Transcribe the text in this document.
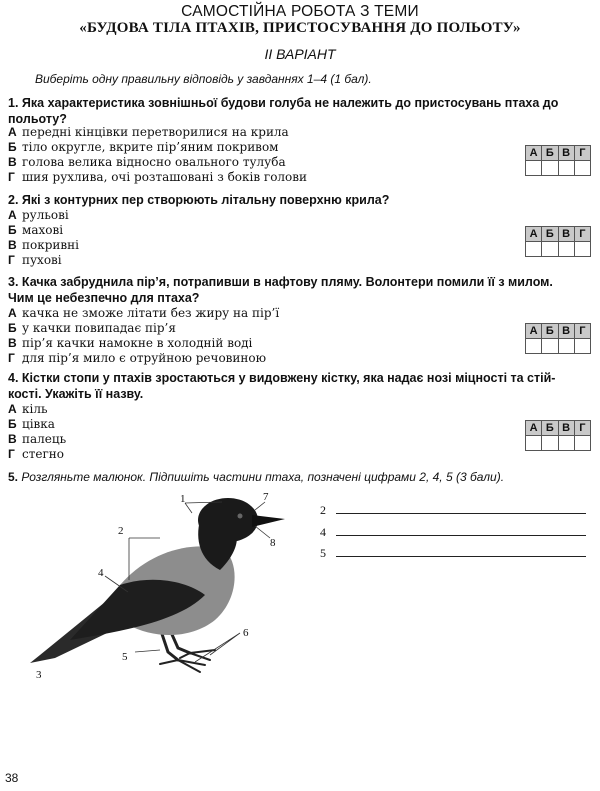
САМОСТІЙНА РОБОТА З ТЕМИ
«БУДОВА ТІЛА ПТАХІВ, ПРИСТОСУВАННЯ ДО ПОЛЬОТУ»
ІІ ВАРІАНТ
Виберіть одну правильну відповідь у завданнях 1–4 (1 бал).
1. Яка характеристика зовнішньої будови голуба не належить до пристосувань птаха до
польоту?
А передні кінцівки перетворилися на крила
Б тіло округле, вкрите пір’яним покривом
В голова велика відносно овального тулуба
Г шия рухлива, очі розташовані з боків голови
А	Б	В	Г

2. Які з контурних пер створюють літальну поверхню крила?
А рульові
Б махові
В покривні
Г пухові
А	Б	В	Г

3. Качка забруднила пір’я, потрапивши в нафтову пляму. Волонтери помили її з милом.
Чим це небезпечно для птаха?
А качка не зможе літати без жиру на пір’ї
Б у качки повипадає пір’я
В пір’я качки намокне в холодній воді
Г для пір’я мило є отруйною речовиною
А	Б	В	Г

4. Кістки стопи у птахів зростаються у видовжену кістку, яка надає нозі міцності та стій-
кості. Укажіть її назву.
А кіль
Б цівка
В палець
Г стегно
А	Б	В	Г

5. Розгляньте малюнок. Підпишіть частини птаха, позначені цифрами 2, 4, 5 (3 бали).
1
2
3
4
5
6
7
8
2
4
5
38
